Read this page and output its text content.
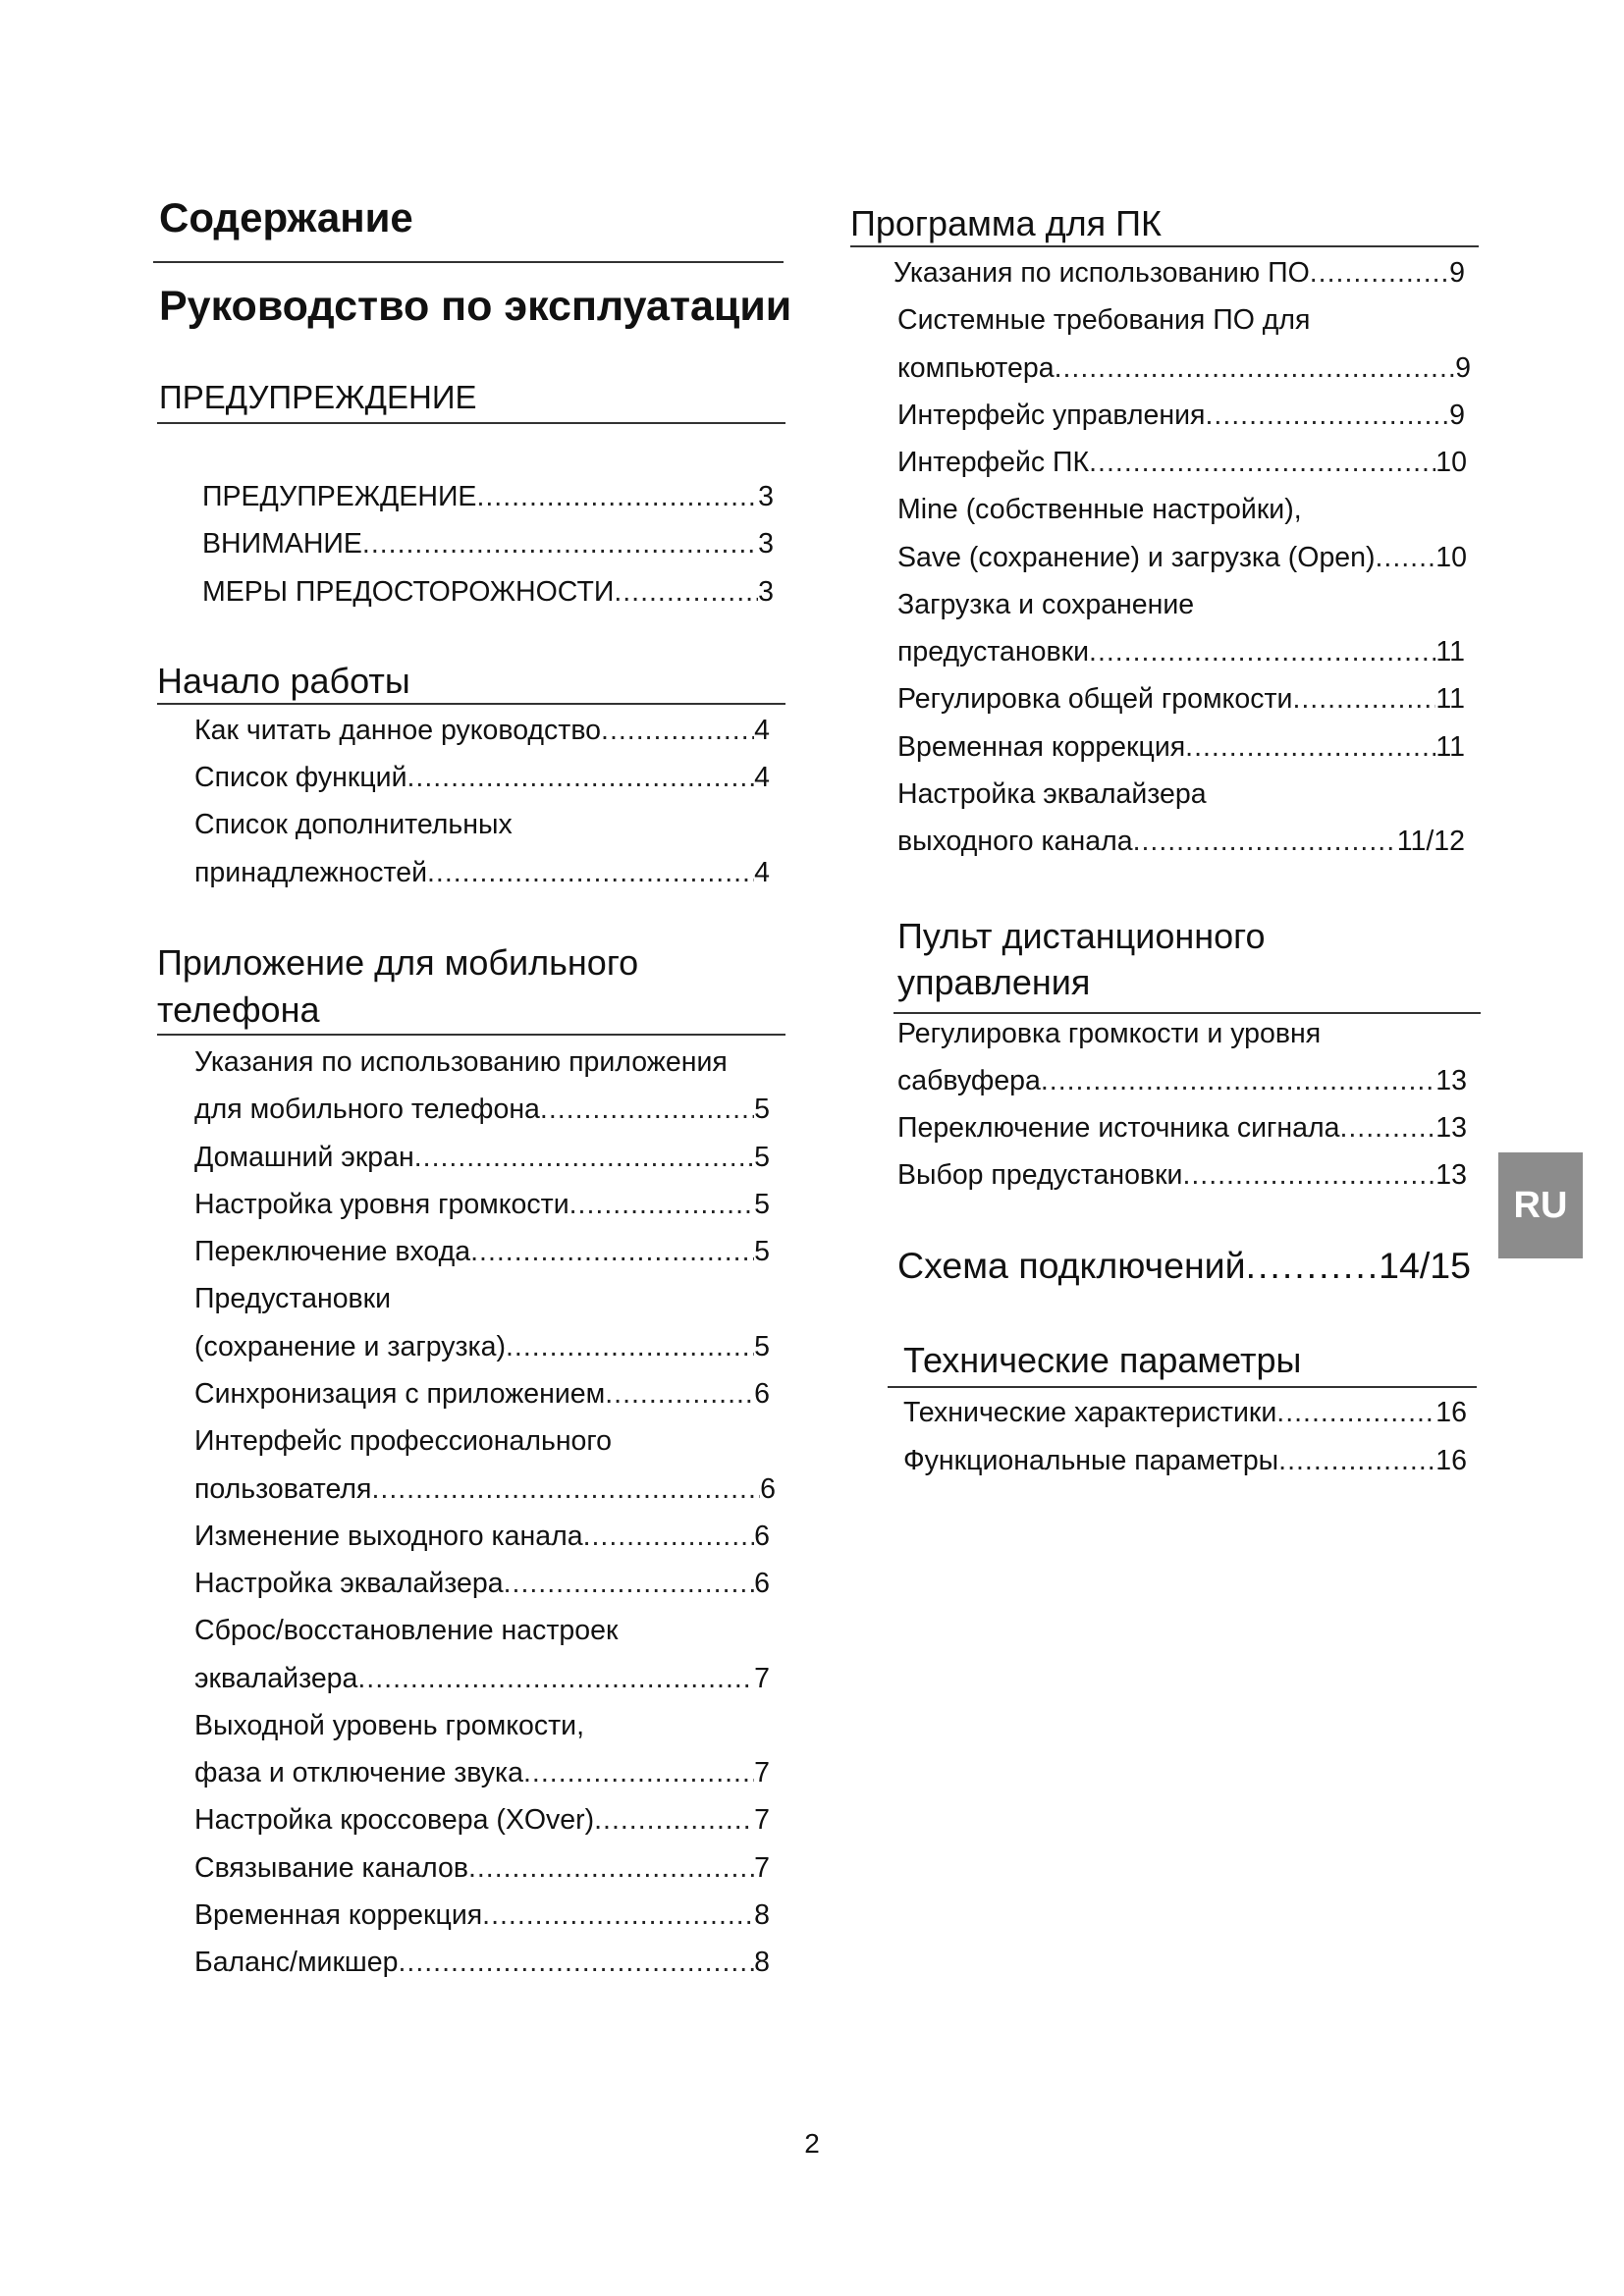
Содержание
Руководство по эксплуатации
ПРЕДУПРЕЖДЕНИЕ
ПРЕДУПРЕЖДЕНИЕ .....	3
ВНИМАНИЕ .....	3
МЕРЫ ПРЕДОСТОРОЖНОСТИ .....	3
Начало работы
Как читать данное руководство .....	4
Список функций .....	4
Список дополнительных
принадлежностей .....	4
Приложение для мобильного
телефона
Указания по использованию приложения
для мобильного телефона .....	5
Домашний экран .....	5
Настройка уровня громкости .....	5
Переключение входа .....	5
Предустановки
(сохранение и загрузка) .....	5
Синхронизация с приложением .....	6
Интерфейс профессионального
пользователя .....	6
Изменение выходного канала .....	6
Настройка эквалайзера .....	6
Сброс/восстановление настроек
эквалайзера .....	7
Выходной уровень громкости,
фаза и отключение звука .....	7
Настройка кроссовера (XOver) .....	7
Связывание каналов .....	7
Временная коррекция .....	8
Баланс/микшер .....	8
Программа для ПК
Указания по использованию ПО .....	9
Системные требования ПО для
компьютера .....	9
Интерфейс управления .....	9
Интерфейс ПК .....	10
Mine (собственные настройки),
Save (сохранение) и загрузка (Open) ..... 10
Загрузка и сохранение
предустановки .....	11
Регулировка общей громкости .....	11
Временная коррекция .....	11
Настройка эквалайзера
выходного канала .....	11/12
Пульт дистанционного
управления
Регулировка громкости и уровня
сабвуфера .....	13
Переключение источника сигнала .....	13
Выбор предустановки .....	13
Схема подключений .....	14/15
Технические параметры
Технические характеристики .....	16
Функциональные параметры .....	16
RU
2
